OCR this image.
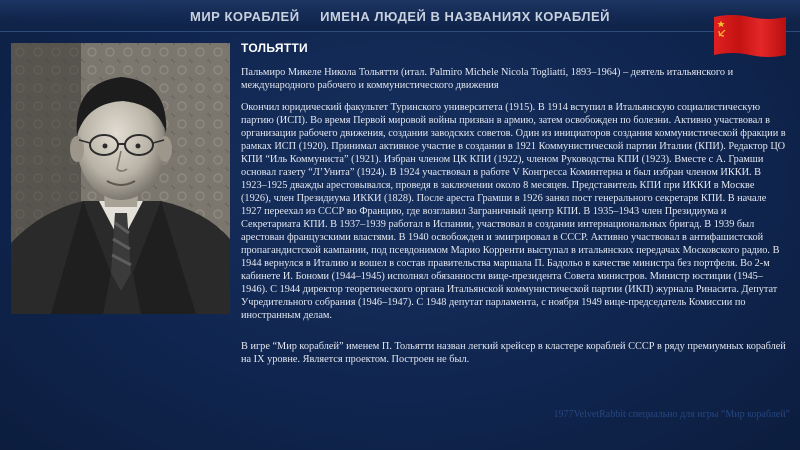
МИР КОРАБЛЕЙ     ИМЕНА ЛЮДЕЙ В НАЗВАНИЯХ КОРАБЛЕЙ
ТОЛЬЯТТИ
Пальмиро Микеле Никола Тольятти (итал. Palmiro Michele Nicola Togliatti, 1893–1964) – деятель итальянского и международного рабочего и коммунистического движения
Окончил юридический факультет Туринского университета (1915). В 1914 вступил в Итальянскую социалистическую партию (ИСП). Во время Первой мировой войны призван в армию, затем освобожден по болезни. Активно участвовал в организации рабочего движения, создании заводских советов. Один из инициаторов создания коммунистической фракции в рамках ИСП (1920). Принимал активное участие в создании в 1921 Коммунистической партии Италии (КПИ). Редактор ЦО КПИ “Иль Коммуниста” (1921). Избран членом ЦК КПИ (1922), членом Руководства КПИ (1923). Вместе с А. Грамши основал газету “Л’Унита” (1924). В 1924 участвовал в работе V Конгресса Коминтерна и был избран членом ИККИ. В 1923–1925 дважды арестовывался, проведя в заключении около 8 месяцев. Представитель КПИ при ИККИ в Москве (1926), член Президиума ИККИ (1828). После ареста Грамши в 1926 занял пост генерального секретаря КПИ. В начале 1927 переехал из СССР во Францию, где возглавил Заграничный центр КПИ. В 1935–1943 член Президиума и Секретариата КПИ. В 1937–1939 работал в Испании, участвовал в создании интернациональных бригад. В 1939 был арестован французскими властями. В 1940 освобожден и эмигрировал в СССР. Активно участвовал в антифашистской пропагандистской кампании, под псевдонимом Марио Корренти выступал в итальянских передачах Московского радио. В 1944 вернулся в Италию и вошел в состав правительства маршала П. Бадольо в качестве министра без портфеля. Во 2-м кабинете И. Бономи (1944–1945) исполнял обязанности вице-президента Совета министров. Министр юстиции (1945–1946). С 1944 директор теоретического органа Итальянской коммунистической партии (ИКП) журнала Ринасита. Депутат Учредительного собрания (1946–1947). С 1948 депутат парламента, с ноября 1949 вице-председатель Комиссии по иностранным делам.
В игре “Мир кораблей” именем П. Тольятти назван легкий крейсер в кластере кораблей СССР в ряду премиумных кораблей на IX уровне. Является проектом. Построен не был.
1977VelvetRabbit специально для игры “Мир кораблей”
